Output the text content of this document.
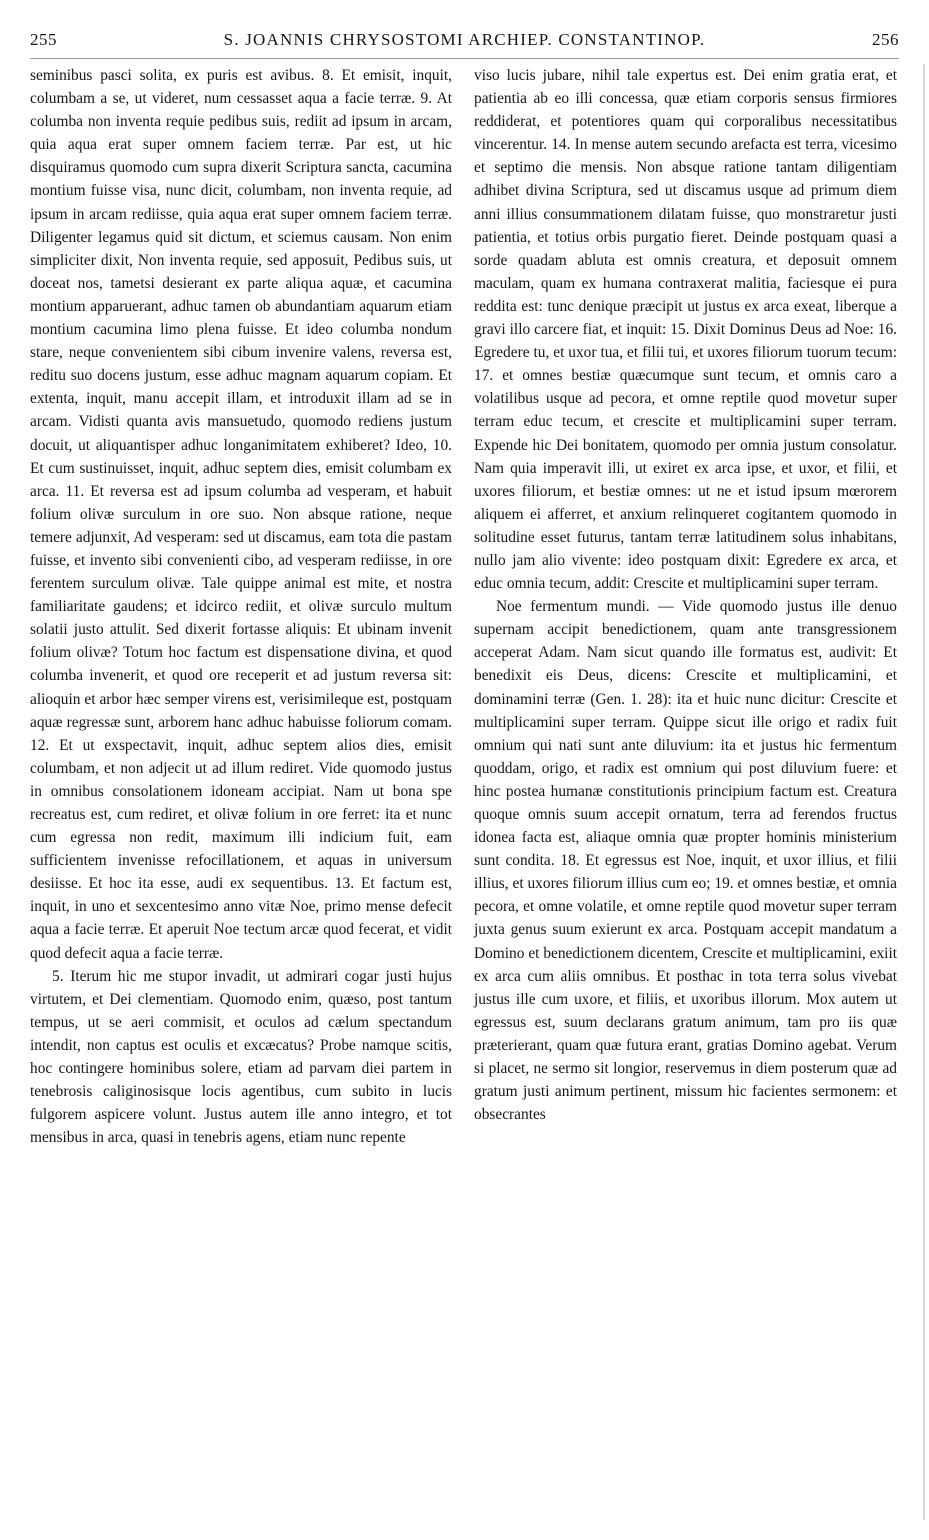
255	S. JOANNIS CHRYSOSTOMI ARCHIEP. CONSTANTINOP.	256

seminibus pasci solita, ex puris est avibus. 8. Et emisit, inquit, columbam a se, ut videret, num cessasset aqua a facie terræ. 9. At columba non inventa requie pedibus suis, rediit ad ipsum in arcam, quia aqua erat super omnem faciem terræ. Par est, ut hic disquiramus quomodo cum supra dixerit Scriptura sancta, cacumina montium fuisse visa, nunc dicit, columbam, non inventa requie, ad ipsum in arcam rediisse, quia aqua erat super omnem faciem terræ. Diligenter legamus quid sit dictum, et sciemus causam. Non enim simpliciter dixit, Non inventa requie, sed apposuit, Pedibus suis, ut doceat nos, tametsi desierant ex parte aliqua aquæ, et cacumina montium apparuerant, adhuc tamen ob abundantiam aquarum etiam montium cacumina limo plena fuisse. Et ideo columba nondum stare, neque convenientem sibi cibum invenire valens, reversa est, reditu suo docens justum, esse adhuc magnam aquarum copiam. Et extenta, inquit, manu accepit illam, et introduxit illam ad se in arcam. Vidisti quanta avis mansuetudo, quomodo rediens justum docuit, ut aliquantisper adhuc longanimitatem exhiberet? Ideo, 10. Et cum sustinuisset, inquit, adhuc septem dies, emisit columbam ex arca. 11. Et reversa est ad ipsum columba ad vesperam, et habuit folium olivæ surculum in ore suo. Non absque ratione, neque temere adjunxit, Ad vesperam: sed ut discamus, eam tota die pastam fuisse, et invento sibi convenienti cibo, ad vesperam rediisse, in ore ferentem surculum olivæ. Tale quippe animal est mite, et nostra familiaritate gaudens; et idcirco rediit, et olivæ surculo multum solatii justo attulit. Sed dixerit fortasse aliquis: Et ubinam invenit folium olivæ? Totum hoc factum est dispensatione divina, et quod columba invenerit, et quod ore receperit et ad justum reversa sit: alioquin et arbor hæc semper virens est, verisimileque est, postquam aquæ regressæ sunt, arborem hanc adhuc habuisse foliorum comam. 12. Et ut exspectavit, inquit, adhuc septem alios dies, emisit columbam, et non adjecit ut ad illum rediret. Vide quomodo justus in omnibus consolationem idoneam accipiat. Nam ut bona spe recreatus est, cum rediret, et olivæ folium in ore ferret: ita et nunc cum egressa non redit, maximum illi indicium fuit, eam sufficientem invenisse refocillationem, et aquas in universum desiisse. Et hoc ita esse, audi ex sequentibus. 13. Et factum est, inquit, in uno et sexcentesimo anno vitæ Noe, primo mense defecit aqua a facie terræ. Et aperuit Noe tectum arcæ quod fecerat, et vidit quod defecit aqua a facie terræ.

5. Iterum hic me stupor invadit, ut admirari cogar justi hujus virtutem, et Dei clementiam. Quomodo enim, quæso, post tantum tempus, ut se aeri commisit, et oculos ad cælum spectandum intendit, non captus est oculis et excæcatus? Probe namque scitis, hoc contingere hominibus solere, etiam ad parvam diei partem in tenebrosis caliginosisque locis agentibus, cum subito in lucis fulgorem aspicere volunt. Justus autem ille anno integro, et tot mensibus in arca, quasi in tenebris agens, etiam nunc repente

viso lucis jubare, nihil tale expertus est. Dei enim gratia erat, et patientia ab eo illi concessa, quæ etiam corporis sensus firmiores reddiderat, et potentiores quam qui corporalibus necessitatibus vincerentur. 14. In mense autem secundo arefacta est terra, vicesimo et septimo die mensis. Non absque ratione tantam diligentiam adhibet divina Scriptura, sed ut discamus usque ad primum diem anni illius consummationem dilatam fuisse, quo monstraretur justi patientia, et totius orbis purgatio fieret. Deinde postquam quasi a sorde quadam abluta est omnis creatura, et deposuit omnem maculam, quam ex humana contraxerat malitia, faciesque ei pura reddita est: tunc denique præcipit ut justus ex arca exeat, liberque a gravi illo carcere fiat, et inquit: 15. Dixit Dominus Deus ad Noe: 16. Egredere tu, et uxor tua, et filii tui, et uxores filiorum tuorum tecum: 17. et omnes bestiæ quæcumque sunt tecum, et omnis caro a volatilibus usque ad pecora, et omne reptile quod movetur super terram educ tecum, et crescite et multiplicamini super terram. Expende hic Dei bonitatem, quomodo per omnia justum consolatur. Nam quia imperavit illi, ut exiret ex arca ipse, et uxor, et filii, et uxores filiorum, et bestiæ omnes: ut ne et istud ipsum mœrorem aliquem ei afferret, et anxium relinqueret cogitantem quomodo in solitudine esset futurus, tantam terræ latitudinem solus inhabitans, nullo jam alio vivente: ideo postquam dixit: Egredere ex arca, et educ omnia tecum, addit: Crescite et multiplicamini super terram.

Noe fermentum mundi. — Vide quomodo justus ille denuo supernam accipit benedictionem, quam ante transgressionem acceperat Adam. Nam sicut quando ille formatus est, audivit: Et benedixit eis Deus, dicens: Crescite et multiplicamini, et dominamini terræ (Gen. 1. 28): ita et huic nunc dicitur: Crescite et multiplicamini super terram. Quippe sicut ille origo et radix fuit omnium qui nati sunt ante diluvium: ita et justus hic fermentum quoddam, origo, et radix est omnium qui post diluvium fuere: et hinc postea humanæ constitutionis principium factum est. Creatura quoque omnis suum accepit ornatum, terra ad ferendos fructus idonea facta est, aliaque omnia quæ propter hominis ministerium sunt condita. 18. Et egressus est Noe, inquit, et uxor illius, et filii illius, et uxores filiorum illius cum eo; 19. et omnes bestiæ, et omnia pecora, et omne volatile, et omne reptile quod movetur super terram juxta genus suum exierunt ex arca. Postquam accepit mandatum a Domino et benedictionem dicentem, Crescite et multiplicamini, exiit ex arca cum aliis omnibus. Et posthac in tota terra solus vivebat justus ille cum uxore, et filiis, et uxoribus illorum. Mox autem ut egressus est, suum declarans gratum animum, tam pro iis quæ præterierant, quam quæ futura erant, gratias Domino agebat. Verum si placet, ne sermo sit longior, reservemus in diem posterum quæ ad gratum justi animum pertinent, missum hic facientes sermonem: et obsecrantes
